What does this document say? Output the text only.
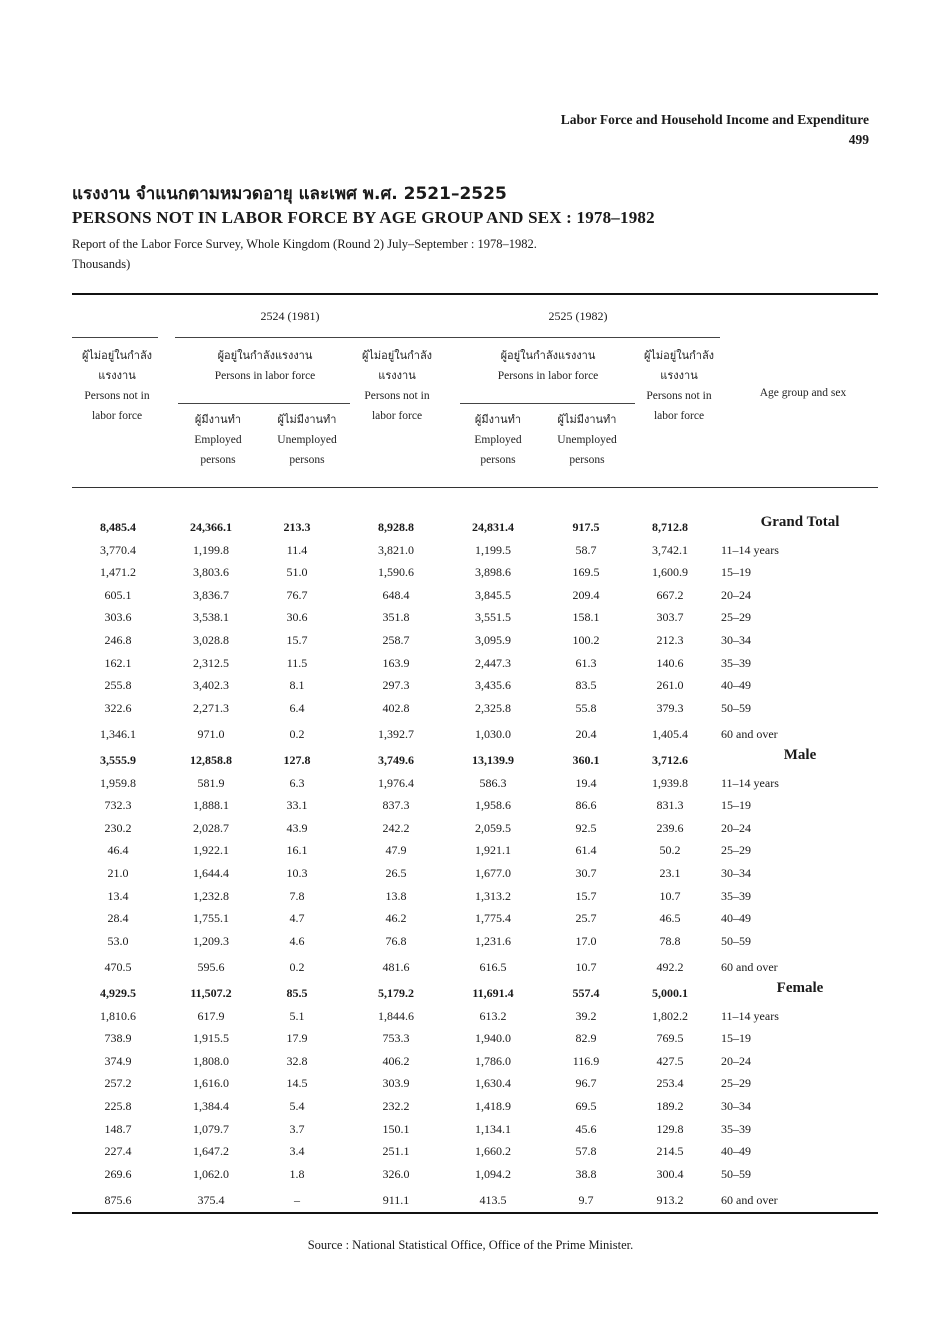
Labor Force and Household Income and Expenditure
499
แรงงาน จำแนกตามหมวดอายุ และเพศ พ.ศ. 2521–2525
PERSONS NOT IN LABOR FORCE BY AGE GROUP AND SEX : 1978–1982
Report of the Labor Force Survey, Whole Kingdom (Round 2) July–September : 1978–1982.
Thousands)
2524 (1981)	2525 (1982)
ผู้ไม่อยู่ในกำลังแรงงาน
Persons not in labor force
ผู้อยู่ในกำลังแรงงาน
Persons in labor force
ผู้มีงานทำ
Employed persons
ผู้ไม่มีงานทำ
Unemployed persons
ผู้ไม่อยู่ในกำลังแรงงาน
Persons not in labor force
ผู้อยู่ในกำลังแรงงาน
Persons in labor force
ผู้มีงานทำ
Employed persons
ผู้ไม่มีงานทำ
Unemployed persons
ผู้ไม่อยู่ในกำลังแรงงาน
Persons not in labor force
Age group and sex
Grand Total
8,485.4	24,366.1	213.3	8,928.8	24,831.4	917.5	8,712.8
3,770.4	1,199.8	11.4	3,821.0	1,199.5	58.7	3,742.1	11–14 years
1,471.2	3,803.6	51.0	1,590.6	3,898.6	169.5	1,600.9	15–19
605.1	3,836.7	76.7	648.4	3,845.5	209.4	667.2	20–24
303.6	3,538.1	30.6	351.8	3,551.5	158.1	303.7	25–29
246.8	3,028.8	15.7	258.7	3,095.9	100.2	212.3	30–34
162.1	2,312.5	11.5	163.9	2,447.3	61.3	140.6	35–39
255.8	3,402.3	8.1	297.3	3,435.6	83.5	261.0	40–49
322.6	2,271.3	6.4	402.8	2,325.8	55.8	379.3	50–59
1,346.1	971.0	0.2	1,392.7	1,030.0	20.4	1,405.4	60 and over
Male
3,555.9	12,858.8	127.8	3,749.6	13,139.9	360.1	3,712.6
1,959.8	581.9	6.3	1,976.4	586.3	19.4	1,939.8	11–14 years
732.3	1,888.1	33.1	837.3	1,958.6	86.6	831.3	15–19
230.2	2,028.7	43.9	242.2	2,059.5	92.5	239.6	20–24
46.4	1,922.1	16.1	47.9	1,921.1	61.4	50.2	25–29
21.0	1,644.4	10.3	26.5	1,677.0	30.7	23.1	30–34
13.4	1,232.8	7.8	13.8	1,313.2	15.7	10.7	35–39
28.4	1,755.1	4.7	46.2	1,775.4	25.7	46.5	40–49
53.0	1,209.3	4.6	76.8	1,231.6	17.0	78.8	50–59
470.5	595.6	0.2	481.6	616.5	10.7	492.2	60 and over
Female
4,929.5	11,507.2	85.5	5,179.2	11,691.4	557.4	5,000.1
1,810.6	617.9	5.1	1,844.6	613.2	39.2	1,802.2	11–14 years
738.9	1,915.5	17.9	753.3	1,940.0	82.9	769.5	15–19
374.9	1,808.0	32.8	406.2	1,786.0	116.9	427.5	20–24
257.2	1,616.0	14.5	303.9	1,630.4	96.7	253.4	25–29
225.8	1,384.4	5.4	232.2	1,418.9	69.5	189.2	30–34
148.7	1,079.7	3.7	150.1	1,134.1	45.6	129.8	35–39
227.4	1,647.2	3.4	251.1	1,660.2	57.8	214.5	40–49
269.6	1,062.0	1.8	326.0	1,094.2	38.8	300.4	50–59
875.6	375.4	–	911.1	413.5	9.7	913.2	60 and over
Source : National Statistical Office, Office of the Prime Minister.
